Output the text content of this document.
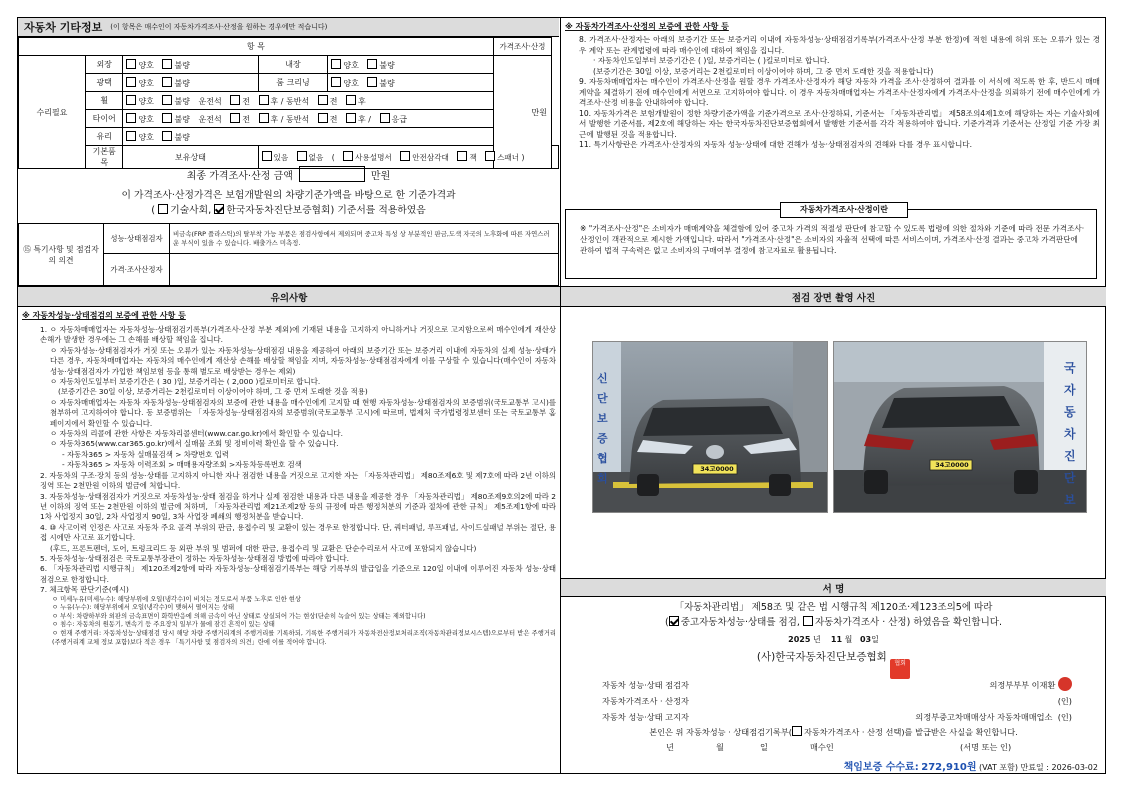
자동차 기타정보 (이 항목은 매수인이 자동차가격조사·산정을 원하는 경우에만 적습니다)
항 목					가격조사·산정	
수리필요	외장	양호 불량	내장	양호 불량	만원	
	광택	양호 불량	룸 크리닝	양호 불량		
	휠	양호 불량 운전석 전 후 / 동반석 전 후				
	타이어	양호 불량 운전석 전 후 / 동반석 전 후 / 응급				
	유리	양호 불량				
	기본품목	보유상태	있음 없음 ( 사용설명서 안전삼각대 잭 스패너 )			
최종 가격조사·산정 금액	만원
이 가격조사·산정가격은 보험개발원의 차량기준가액을 바탕으로 한 기준가격과
( 기술사회, 한국자동차진단보증협회) 기준서를 적용하였음
⑮ 특기사항 및 점검자의 의견	성능·상태점검자	비금속(FRP 플라스틱)의 탈부착 가능 부품은 점검사항에서 제외되며 중고차 특성 상 부분적인 판금,도색 자국의 노후화에 따른 자연스러운 부식이 있을 수 있습니다. 배출가스 미측정.
	가격·조사산정자	
※ 자동차가격조사·산정의 보증에 관한 사항 등

8. 가격조사·산정자는 아래의 보증기간 또는 보증거리 이내에 자동차성능·상태점검기록부(가격조사·산정 부분 한정)에 적힌 내용에 허위 또는 오류가 있는 경우 계약 또는 관계법령에 따라 매수인에 대하여 책임을 집니다.

· 자동차인도일부터 보증기간은 ( )일, 보증거리는 ( )킬로미터로 합니다.

(보증기간은 30일 이상, 보증거리는 2천킬로미터 이상이어야 하며, 그 중 먼저 도래한 것을 적용합니다)

9. 자동차매매업자는 매수인이 가격조사·산정을 원할 경우 가격조사·산정자가 해당 자동차 가격을 조사·산정하여 결과를 이 서식에 적도록 한 후, 반드시 매매계약을 체결하기 전에 매수인에게 서면으로 고지하여야 합니다. 이 경우 자동차매매업자는 가격조사·산정자에게 가격조사·산정을 의뢰하기 전에 매수인에게 가격조사·산정 비용을 안내하여야 합니다.

10. 자동차가격은 보험개발원이 정한 차량기준가액을 기준가격으로 조사·산정하되, 기준서는 「자동차관리법」 제58조의4제1호에 해당하는 자는 기술사회에서 발행한 기준서를, 제2호에 해당하는 자는 한국자동차진단보증협회에서 발행한 기준서를 각각 적용하여야 합니다. 기준가격과 기준서는 산정일 기준 가장 최근에 발행된 것을 적용합니다.

11. 특기사항란은 가격조사·산정자의 자동차 성능·상태에 대한 견해가 성능·상태점검자의 견해와 다를 경우 표시합니다.

자동차가격조사·산정이란
※ "가격조사·산정"은 소비자가 매매계약을 체결함에 있어 중고차 가격의 적절성 판단에 참고할 수 있도록 법령에 의한 절차와 기준에 따라 전문 가격조사·산정인이 객관적으로 제시한 가액입니다. 따라서 "가격조사·산정"은 소비자의 자율적 선택에 따른 서비스이며, 가격조사·산정 결과는 중고차 가격판단에 관하여 법적 구속력은 없고 소비자의 구매여부 결정에 참고자료로 활용됩니다.
유의사항
※ 자동차성능·상태점검의 보증에 관한 사항 등
1. ㅇ 자동차매매업자는 자동차성능·상태점검기록부(가격조사·산정 부분 제외)에 기재된 내용을 고지하지 아니하거나 거짓으로 고지함으로써 매수인에게 재산상 손해가 발생한 경우에는 그 손해를 배상할 책임을 집니다.
ㅇ 자동차성능·상태점검자가 거짓 또는 오류가 있는 자동차성능·상태점검 내용을 제공하여 아래의 보증기간 또는 보증거리 이내에 자동차의 실제 성능·상태가 다른 경우, 자동차매매업자는 자동차의 매수인에게 재산상 손해를 배상할 책임을 지며, 자동차성능·상태점검자에게 이를 구상할 수 있습니다(매수인이 자동차성능·상태점검자가 가입한 책임보험 등을 통해 별도로 배상받는 경우는 제외)
ㅇ 자동차인도일부터 보증기간은 ( 30 )일, 보증거리는 ( 2,000 )킬로미터로 합니다.
(보증기간은 30일 이상, 보증거리는 2천킬로미터 이상이어야 하며, 그 중 먼저 도래한 것을 적용)
ㅇ 자동차매매업자는 자동차 자동차성능·상태점검자의 보증에 관한 내용을 매수인에게 고지할 때 현행 자동차성능·상태점검자의 보증범위(국토교통부 고시)를 첨부하여 고지하여야 합니다. 동 보증범위는 「자동차성능·상태점검자의 보증범위(국토교통부 고시)에 따르며, 법제처 국가법령정보센터 또는 국토교통부 홈페이지에서 확인할 수 있습니다.
ㅇ 자동차의 리콜에 관한 사항은 자동차리콜센터(www.car.go.kr)에서 확인할 수 있습니다.
ㅇ 자동차365(www.car365.go.kr)에서 실매물 조회 및 정비이력 확인을 할 수 있습니다.
- 자동차365 > 자동차 실매물검색 > 차량번호 입력
- 자동차365 > 자동차 이력조회 > 매매용자량조회 >자동차등록번호 검색
2. 자동차의 구조·장치 등의 성능·상태를 고지하지 아니한 자나 점검한 내용을 거짓으로 고지한 자는 「자동차관리법」 제80조제6호 및 제7호에 따라 2년 이하의 징역 또는 2천만원 이하의 벌금에 처합니다.
3. 자동차성능·상태점검자가 거짓으로 자동차성능·상태 점검을 하거나 실제 점검한 내용과 다른 내용을 제공한 경우 「자동차관리법」 제80조제9호의2에 따라 2년 이하의 징역 또는 2천만원 이하의 벌금에 처하며, 「자동차관리법 제21조제2항 등의 규정에 따른 행정처분의 기준과 절차에 관한 규칙」 제5조제1항에 따라 1차 사업정지 30일, 2차 사업정지 90일, 3차 사업장 폐쇄의 행정처분을 받습니다.
4. ⑩ 사고이력 인정은 사고로 자동차 주요 골격 부위의 판금, 용접수리 및 교환이 있는 경우로 한정합니다. 단, 쿼터패널, 루프패널, 사이드실패널 부위는 절단, 용접 시에만 사고로 표기합니다.
(후드, 프론트펜더, 도어, 트렁크리드 등 외판 부위 및 범퍼에 대한 판금, 용접수리 및 교환은 단순수리로서 사고에 포함되지 않습니다)
5. 자동차성능·상태점검은 국토교통부장관이 정하는 자동차성능·상태점검 방법에 따라야 합니다.
6. 「자동차관리법 시행규칙」 제120조제2항에 따라 자동차성능·상태점검기록부는 해당 기록부의 발급일을 기준으로 120일 이내에 이루어진 자동차 성능·상태점검으로 한정합니다.
7. 체크항목 판단기준(예시)
ㅇ 미세누유(미세누수): 해당부위에 오일(냉각수)이 비치는 정도로서 부품 노후로 인한 현상
ㅇ 누유(누수): 해당부위에서 오일(냉각수)이 맺혀서 떨어지는 상태
ㅇ 부식: 차량하부와 외판의 금속표면이 화학반응에 의해 금속이 아닌 상태로 상실되어 가는 현상(단순히 녹슬어 있는 상태는 제외합니다)
ㅇ 침수: 자동차의 원동기, 변속기 등 주요장치 일부가 물에 잠긴 흔적이 있는 상태
ㅇ 현재 주행거리: 자동차성능·상태점검 당시 해당 차량 주행거리계의 주행거리를 기록하되, 기록한 주행거리가 자동차전산정보처리조직(자동차관리정보시스템)으로부터 받은 주행거리(주행거리계 교체 정보 포함)보다 적은 경우 「특기사항 및 점검자의 의견」란에 이를 적어야 합니다.
점검 장면 촬영 사진
신
단
보
증
협
회
34고0000
국
자
동
차
진
단
보
34고0000
서 명
「자동차관리법」 제58조 및 같은 법 시행규칙 제120조·제123조의5에 따라
( 중고자동차성능·상태를 점검, 자동차가격조사 · 산정) 하였음을 확인합니다.
2025 년 11 월 03일
(사)한국자동차진단보증협회 협회
자동차 성능·상태 점검자	의정부부부 이재환
자동차가격조사 · 산정자	(인)
자동차 성능·상태 고지자	의정부중고차매매상사 자동차매매업소 (인)
본인은 위 자동차성능 · 상태점검기록부( 자동차가격조사 · 산정 선택)를 발급받은 사실을 확인합니다.
년	월	일	매수인	(서명 또는 인)
책임보증 수수료: 272,910원 (VAT 포함) 만료일 : 2026-03-02
